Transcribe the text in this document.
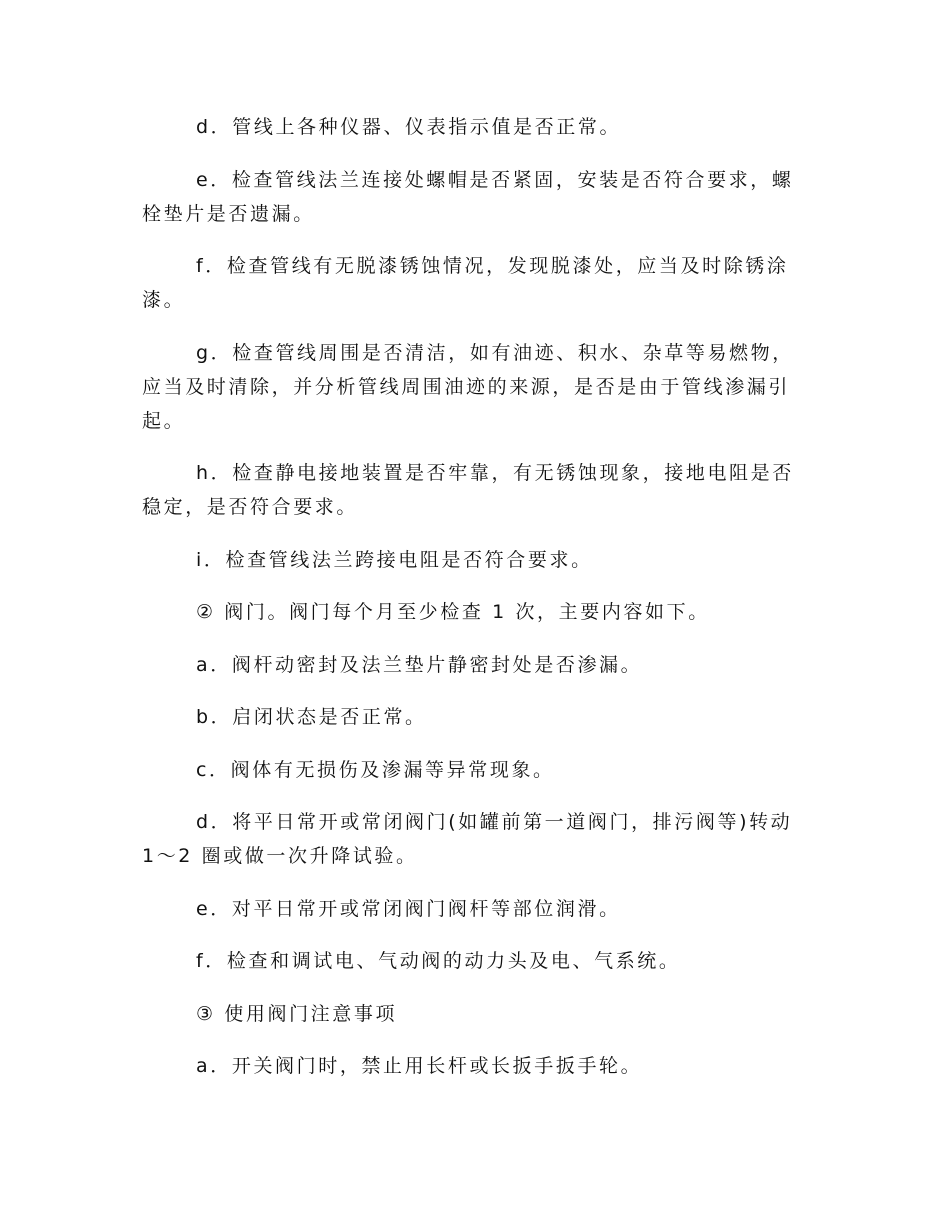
d．管线上各种仪器、仪表指示值是否正常。

e．检查管线法兰连接处螺帽是否紧固，安装是否符合要求，螺栓垫片是否遗漏。

f．检查管线有无脱漆锈蚀情况，发现脱漆处，应当及时除锈涂漆。

g．检查管线周围是否清洁，如有油迹、积水、杂草等易燃物，应当及时清除，并分析管线周围油迹的来源，是否是由于管线渗漏引起。

h．检查静电接地装置是否牢靠，有无锈蚀现象，接地电阻是否稳定，是否符合要求。

i．检查管线法兰跨接电阻是否符合要求。

② 阀门。阀门每个月至少检查 1 次，主要内容如下。

a．阀杆动密封及法兰垫片静密封处是否渗漏。

b．启闭状态是否正常。

c．阀体有无损伤及渗漏等异常现象。

d．将平日常开或常闭阀门(如罐前第一道阀门，排污阀等)转动 1～2 圈或做一次升降试验。

e．对平日常开或常闭阀门阀杆等部位润滑。

f．检查和调试电、气动阀的动力头及电、气系统。

③ 使用阀门注意事项

a．开关阀门时，禁止用长杆或长扳手扳手轮。
